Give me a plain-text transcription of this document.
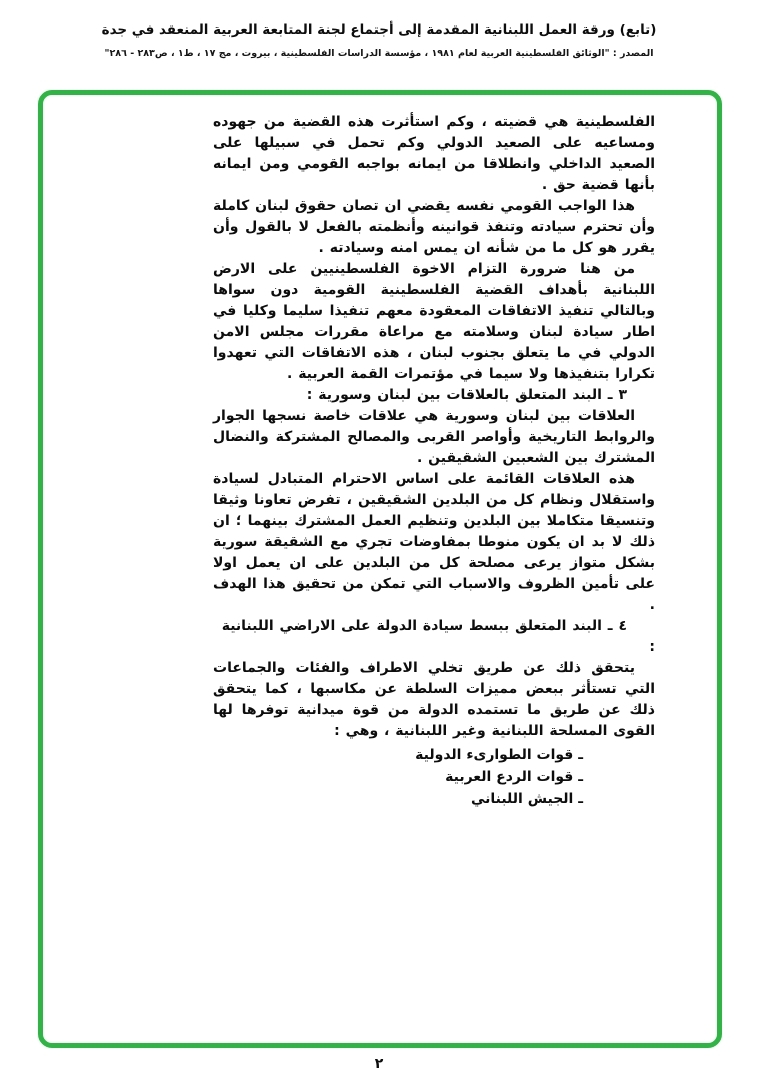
(تابع) ورقة العمل اللبنانية المقدمة إلى أجتماع لجنة المتابعة العربية المنعقد في جدة
المصدر : "الوثائق الفلسطينية العربية لعام ١٩٨١ ، مؤسسة الدراسات الفلسطينية ، بيروت ، مج ١٧ ، ط١ ، ص٢٨٣ - ٢٨٦"

الفلسطينية هي قضيته ، وكم استأثرت هذه القضية من جهوده ومساعيه على الصعيد الدولي وكم تحمل في سبيلها على الصعيد الداخلي وانطلاقا من ايمانه بواجبه القومي ومن ايمانه بأنها قضية حق .

هذا الواجب القومي نفسه يقضي ان تصان حقوق لبنان كاملة وأن تحترم سيادته وتنفذ قوانينه وأنظمته بالفعل لا بالقول وأن يقرر هو كل ما من شأنه ان يمس امنه وسيادته .

من هنا ضرورة التزام الاخوة الفلسطينيين على الارض اللبنانية بأهداف القضية الفلسطينية القومية دون سواها وبالتالي تنفيذ الاتفاقات المعقودة معهم تنفيذا سليما وكليا في اطار سيادة لبنان وسلامته مع مراعاة مقررات مجلس الامن الدولي في ما يتعلق بجنوب لبنان ، هذه الاتفاقات التي تعهدوا تكرارا بتنفيذها ولا سيما في مؤتمرات القمة العربية .

٣ ـ البند المتعلق بالعلاقات بين لبنان وسورية :

العلاقات بين لبنان وسورية هي علاقات خاصة نسجها الجوار والروابط التاريخية وأواصر القربى والمصالح المشتركة والنضال المشترك بين الشعبين الشقيقين .

هذه العلاقات القائمة على اساس الاحترام المتبادل لسيادة واستقلال ونظام كل من البلدين الشقيقين ، تفرض تعاونا وثيقا وتنسيقا متكاملا بين البلدين وتنظيم العمل المشترك بينهما ؛ ان ذلك لا بد ان يكون منوطا بمفاوضات تجري مع الشقيقة سورية بشكل متواز يرعى مصلحة كل من البلدين على ان يعمل اولا على تأمين الظروف والاسباب التي تمكن من تحقيق هذا الهدف .

٤ ـ البند المتعلق ببسط سيادة الدولة على الاراضي اللبنانية :

يتحقق ذلك عن طريق تخلي الاطراف والفئات والجماعات التي تستأثر ببعض مميزات السلطة عن مكاسبها ، كما يتحقق ذلك عن طريق ما تستمده الدولة من قوة ميدانية توفرها لها القوى المسلحة اللبنانية وغير اللبنانية ، وهي :

ـ قوات الطوارىء الدولية
ـ قوات الردع العربية
ـ الجيش اللبناني
٢
